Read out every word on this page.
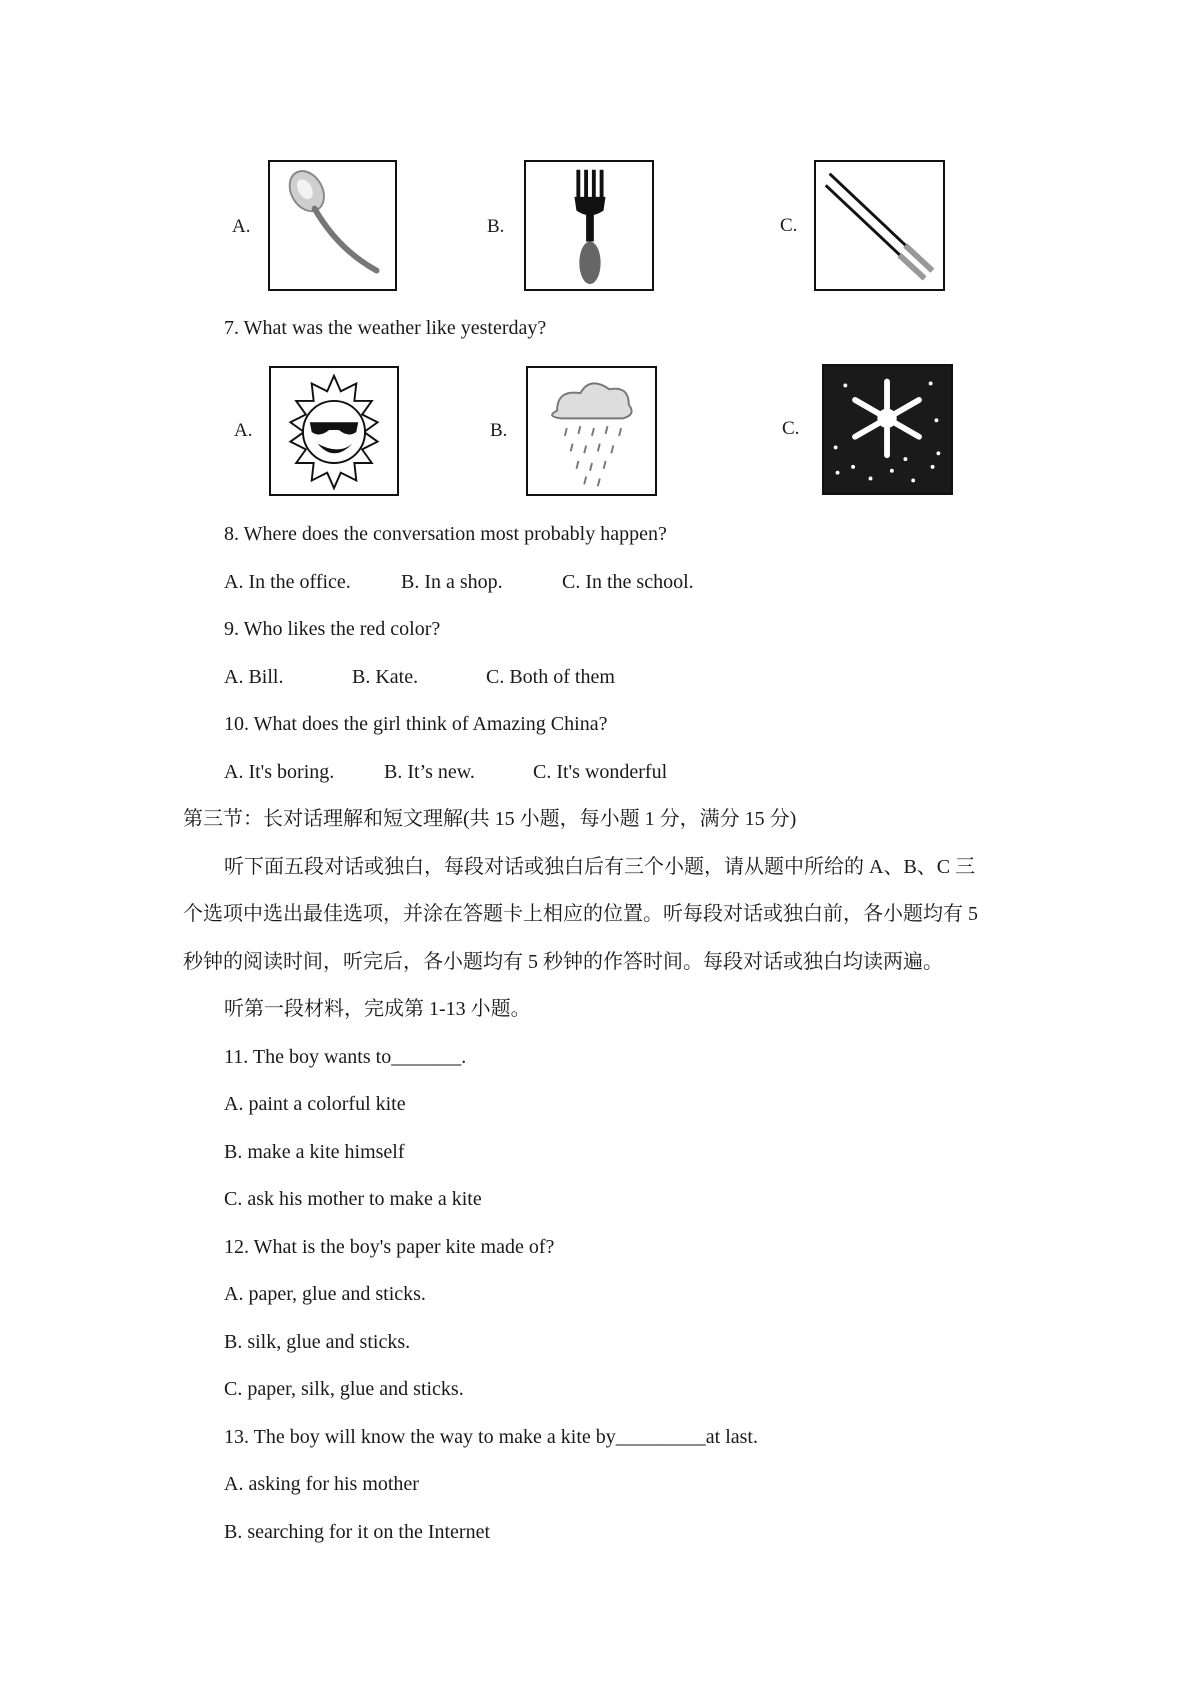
A.	B.	C.
7. What was the weather like yesterday?
A.	B.	C.
8. Where does the conversation most probably happen?
A. In the office.	B. In a shop.	C. In the school.
9. Who likes the red color?
A. Bill.	B. Kate.	C. Both of them
10. What does the girl think of Amazing China?
A. It's boring. B. It’s new.	C. It's wonderful
第三节：长对话理解和短文理解(共 15 小题，每小题 1 分，满分 15 分)
听下面五段对话或独白，每段对话或独白后有三个小题，请从题中所给的 A、B、C 三
个选项中选出最佳选项，并涂在答题卡上相应的位置。听每段对话或独白前，各小题均有 5
秒钟的阅读时间，听完后，各小题均有 5 秒钟的作答时间。每段对话或独白均读两遍。
听第一段材料，完成第 1-13 小题。
11. The boy wants to_______.
A. paint a colorful kite
B. make a kite himself
C. ask his mother to make a kite
12. What is the boy's paper kite made of?
A. paper, glue and sticks.
B. silk, glue and sticks.
C. paper, silk, glue and sticks.
13. The boy will know the way to make a kite by_________at last.
A. asking for his mother
B. searching for it on the Internet
